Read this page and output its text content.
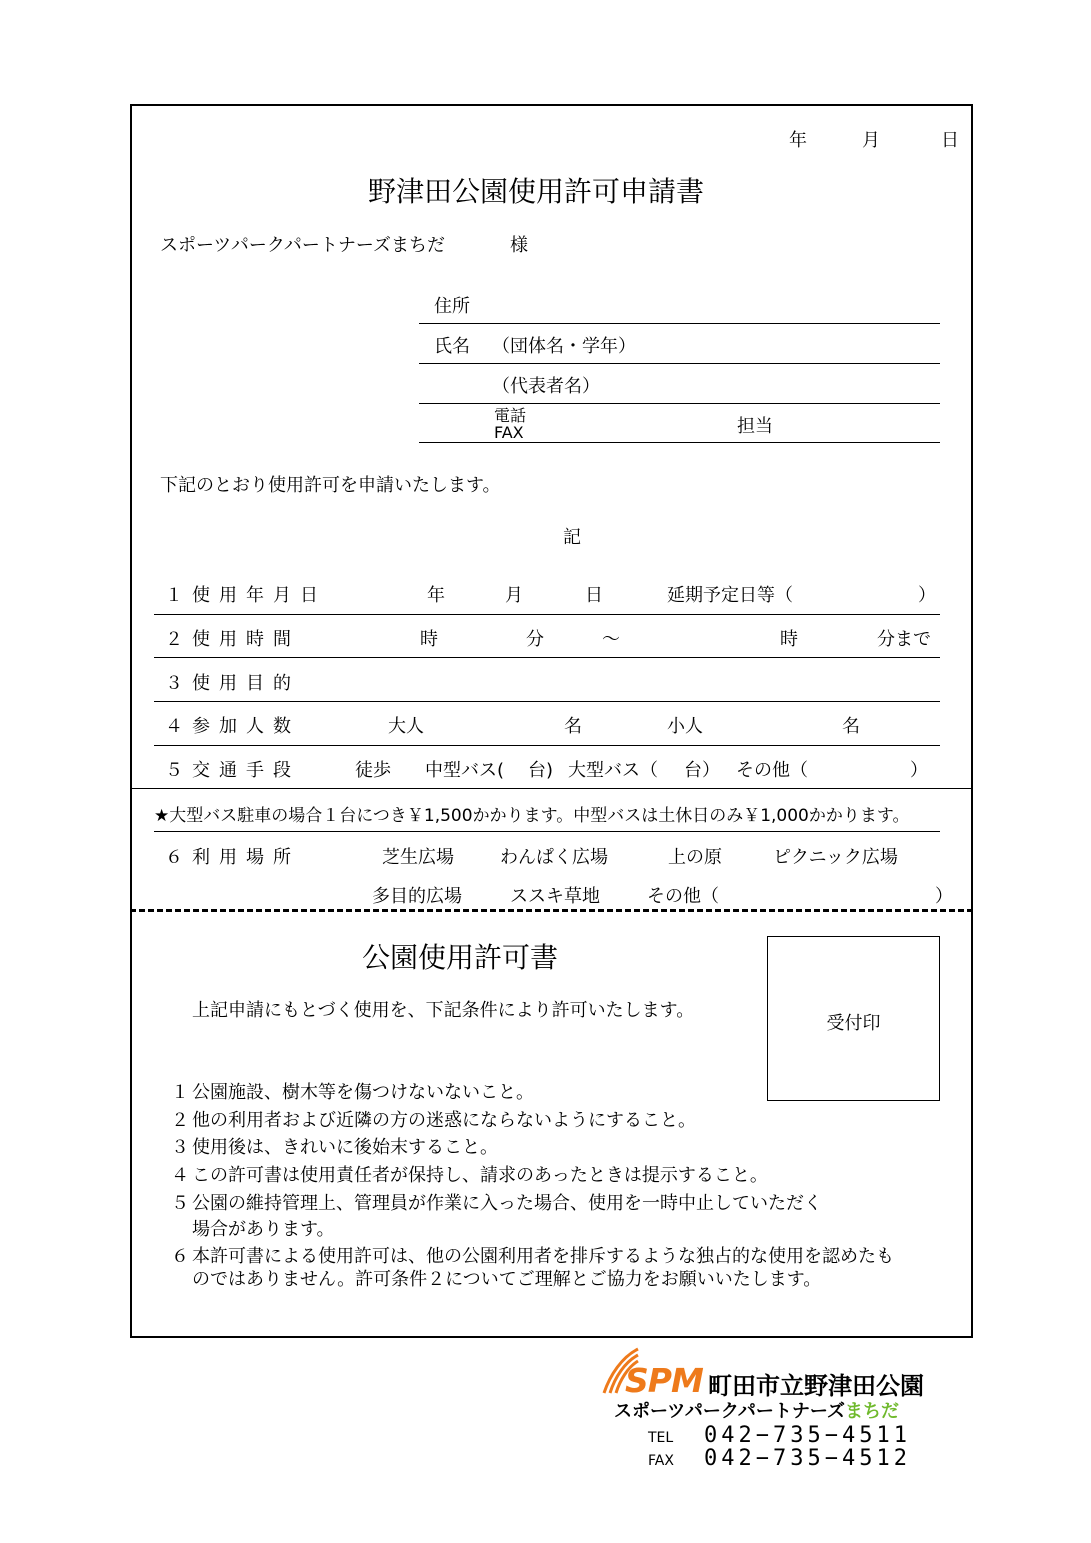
年	月	日
野津田公園使用許可申請書
スポーツパークパートナーズまちだ	様
住所
氏名 （団体名・学年）
（代表者名）
電話
FAX	担当
下記のとおり使用許可を申請いたします。
記
１使用年月日	年	月	日	延期予定日等（	）
２使用時間	時	分	～	時	分まで
３使用目的
４参加人数	大人	名	小人	名
５交通手段	徒歩 中型バス( 台) 大型バス（ 台） その他（	）
★大型バス駐車の場合１台につき￥1,500かかります。中型バスは土休日のみ￥1,000かかります。
６利用場所	芝生広場	わんぱく広場	上の原	ピクニック広場
多目的広場	ススキ草地	その他（	）
公園使用許可書
上記申請にもとづく使用を、下記条件により許可いたします。
受付印
１ 公園施設、樹木等を傷つけないないこと。
２ 他の利用者および近隣の方の迷惑にならないようにすること。
３ 使用後は、きれいに後始末すること。
４ この許可書は使用責任者が保持し、請求のあったときは提示すること。
５ 公園の維持管理上、管理員が作業に入った場合、使用を一時中止していただく
場合があります。
６ 本許可書による使用許可は、他の公園利用者を排斥するような独占的な使用を認めたも
のではありません。許可条件２についてご理解とご協力をお願いいたします。
SPM 町田市立野津田公園
スポーツパークパートナーズまちだ
TEL 042−735−4511
FAX 042−735−4512
